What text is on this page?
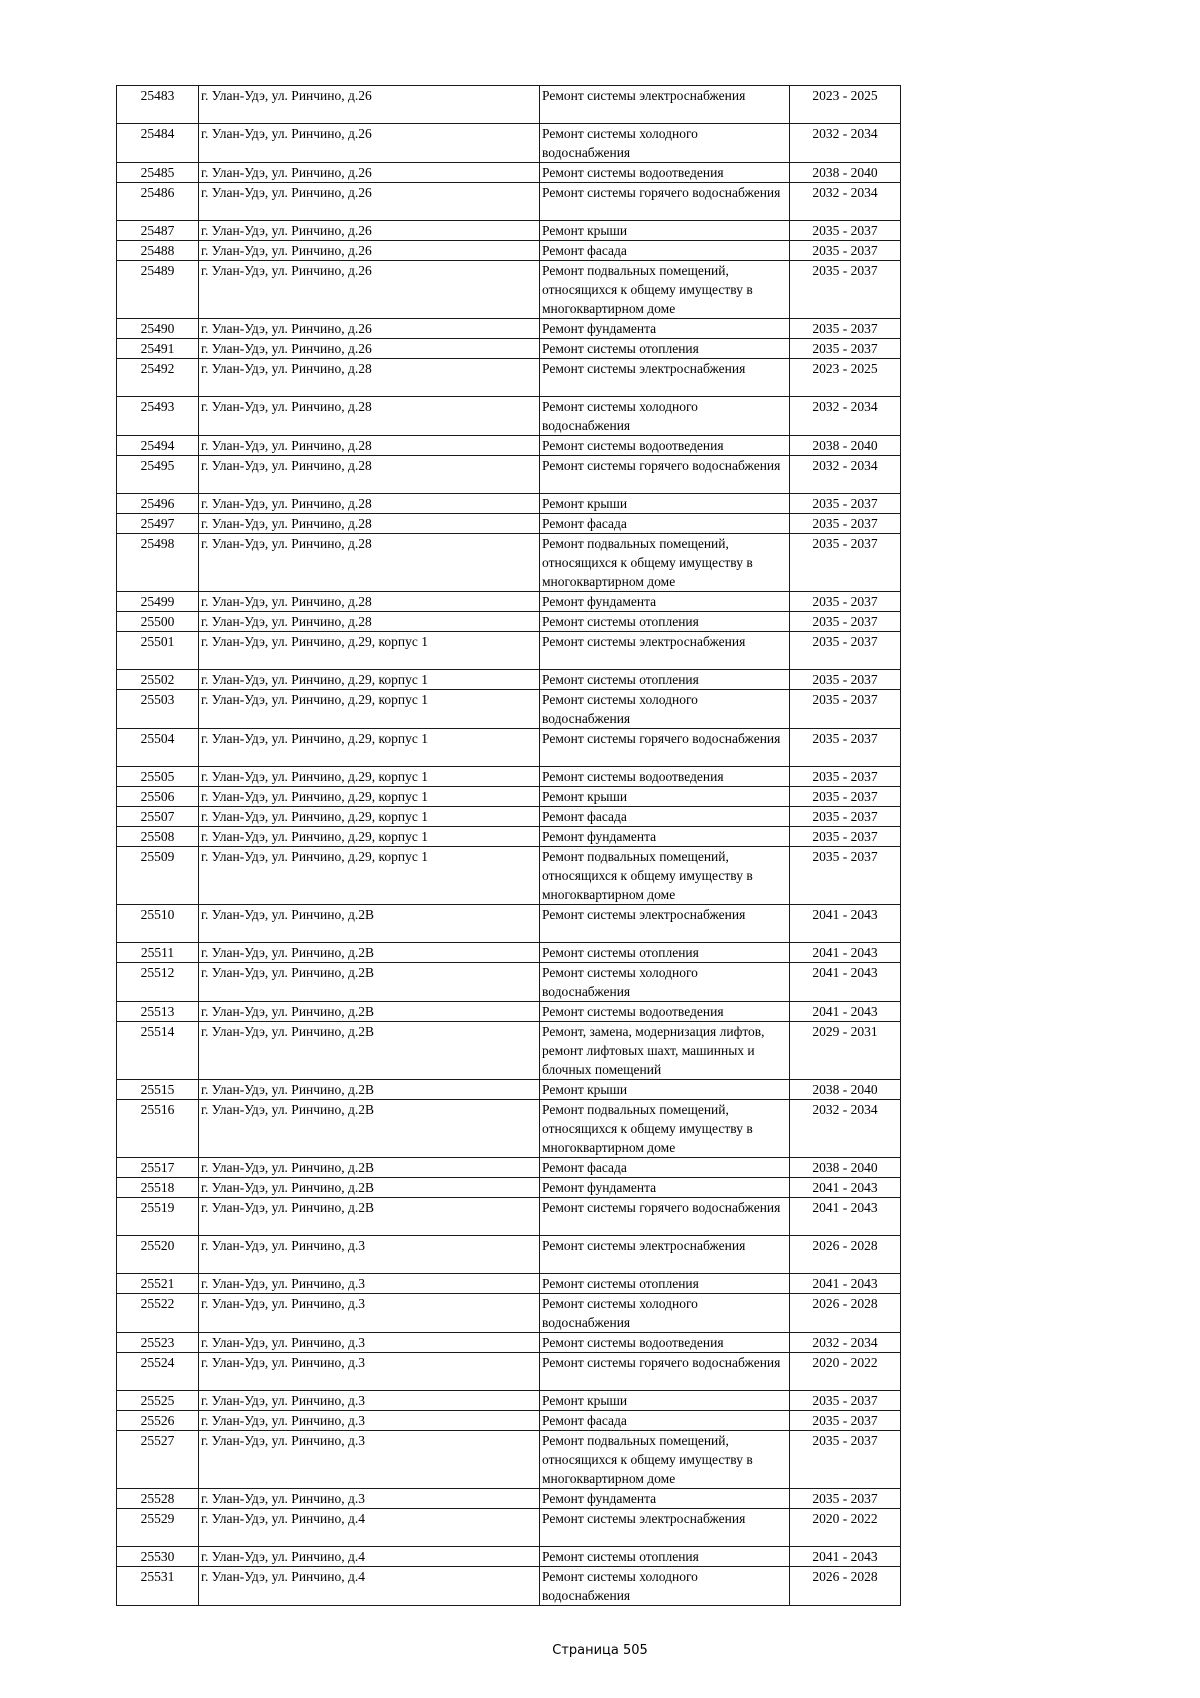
25483	г. Улан-Удэ, ул. Ринчино, д.26	Ремонт системы электроснабжения	2023 - 2025
25484	г. Улан-Удэ, ул. Ринчино, д.26	Ремонт системы холодного водоснабжения	2032 - 2034
25485	г. Улан-Удэ, ул. Ринчино, д.26	Ремонт системы водоотведения	2038 - 2040
25486	г. Улан-Удэ, ул. Ринчино, д.26	Ремонт системы горячего водоснабжения	2032 - 2034
25487	г. Улан-Удэ, ул. Ринчино, д.26	Ремонт крыши	2035 - 2037
25488	г. Улан-Удэ, ул. Ринчино, д.26	Ремонт фасада	2035 - 2037
25489	г. Улан-Удэ, ул. Ринчино, д.26	Ремонт подвальных помещений, относящихся к общему имуществу в многоквартирном доме	2035 - 2037
25490	г. Улан-Удэ, ул. Ринчино, д.26	Ремонт фундамента	2035 - 2037
25491	г. Улан-Удэ, ул. Ринчино, д.26	Ремонт системы отопления	2035 - 2037
25492	г. Улан-Удэ, ул. Ринчино, д.28	Ремонт системы электроснабжения	2023 - 2025
25493	г. Улан-Удэ, ул. Ринчино, д.28	Ремонт системы холодного водоснабжения	2032 - 2034
25494	г. Улан-Удэ, ул. Ринчино, д.28	Ремонт системы водоотведения	2038 - 2040
25495	г. Улан-Удэ, ул. Ринчино, д.28	Ремонт системы горячего водоснабжения	2032 - 2034
25496	г. Улан-Удэ, ул. Ринчино, д.28	Ремонт крыши	2035 - 2037
25497	г. Улан-Удэ, ул. Ринчино, д.28	Ремонт фасада	2035 - 2037
25498	г. Улан-Удэ, ул. Ринчино, д.28	Ремонт подвальных помещений, относящихся к общему имуществу в многоквартирном доме	2035 - 2037
25499	г. Улан-Удэ, ул. Ринчино, д.28	Ремонт фундамента	2035 - 2037
25500	г. Улан-Удэ, ул. Ринчино, д.28	Ремонт системы отопления	2035 - 2037
25501	г. Улан-Удэ, ул. Ринчино, д.29, корпус 1	Ремонт системы электроснабжения	2035 - 2037
25502	г. Улан-Удэ, ул. Ринчино, д.29, корпус 1	Ремонт системы отопления	2035 - 2037
25503	г. Улан-Удэ, ул. Ринчино, д.29, корпус 1	Ремонт системы холодного водоснабжения	2035 - 2037
25504	г. Улан-Удэ, ул. Ринчино, д.29, корпус 1	Ремонт системы горячего водоснабжения	2035 - 2037
25505	г. Улан-Удэ, ул. Ринчино, д.29, корпус 1	Ремонт системы водоотведения	2035 - 2037
25506	г. Улан-Удэ, ул. Ринчино, д.29, корпус 1	Ремонт крыши	2035 - 2037
25507	г. Улан-Удэ, ул. Ринчино, д.29, корпус 1	Ремонт фасада	2035 - 2037
25508	г. Улан-Удэ, ул. Ринчино, д.29, корпус 1	Ремонт фундамента	2035 - 2037
25509	г. Улан-Удэ, ул. Ринчино, д.29, корпус 1	Ремонт подвальных помещений, относящихся к общему имуществу в многоквартирном доме	2035 - 2037
25510	г. Улан-Удэ, ул. Ринчино, д.2В	Ремонт системы электроснабжения	2041 - 2043
25511	г. Улан-Удэ, ул. Ринчино, д.2В	Ремонт системы отопления	2041 - 2043
25512	г. Улан-Удэ, ул. Ринчино, д.2В	Ремонт системы холодного водоснабжения	2041 - 2043
25513	г. Улан-Удэ, ул. Ринчино, д.2В	Ремонт системы водоотведения	2041 - 2043
25514	г. Улан-Удэ, ул. Ринчино, д.2В	Ремонт, замена, модернизация лифтов, ремонт лифтовых шахт, машинных и блочных помещений	2029 - 2031
25515	г. Улан-Удэ, ул. Ринчино, д.2В	Ремонт крыши	2038 - 2040
25516	г. Улан-Удэ, ул. Ринчино, д.2В	Ремонт подвальных помещений, относящихся к общему имуществу в многоквартирном доме	2032 - 2034
25517	г. Улан-Удэ, ул. Ринчино, д.2В	Ремонт фасада	2038 - 2040
25518	г. Улан-Удэ, ул. Ринчино, д.2В	Ремонт фундамента	2041 - 2043
25519	г. Улан-Удэ, ул. Ринчино, д.2В	Ремонт системы горячего водоснабжения	2041 - 2043
25520	г. Улан-Удэ, ул. Ринчино, д.3	Ремонт системы электроснабжения	2026 - 2028
25521	г. Улан-Удэ, ул. Ринчино, д.3	Ремонт системы отопления	2041 - 2043
25522	г. Улан-Удэ, ул. Ринчино, д.3	Ремонт системы холодного водоснабжения	2026 - 2028
25523	г. Улан-Удэ, ул. Ринчино, д.3	Ремонт системы водоотведения	2032 - 2034
25524	г. Улан-Удэ, ул. Ринчино, д.3	Ремонт системы горячего водоснабжения	2020 - 2022
25525	г. Улан-Удэ, ул. Ринчино, д.3	Ремонт крыши	2035 - 2037
25526	г. Улан-Удэ, ул. Ринчино, д.3	Ремонт фасада	2035 - 2037
25527	г. Улан-Удэ, ул. Ринчино, д.3	Ремонт подвальных помещений, относящихся к общему имуществу в многоквартирном доме	2035 - 2037
25528	г. Улан-Удэ, ул. Ринчино, д.3	Ремонт фундамента	2035 - 2037
25529	г. Улан-Удэ, ул. Ринчино, д.4	Ремонт системы электроснабжения	2020 - 2022
25530	г. Улан-Удэ, ул. Ринчино, д.4	Ремонт системы отопления	2041 - 2043
25531	г. Улан-Удэ, ул. Ринчино, д.4	Ремонт системы холодного водоснабжения	2026 - 2028
Страница 505
